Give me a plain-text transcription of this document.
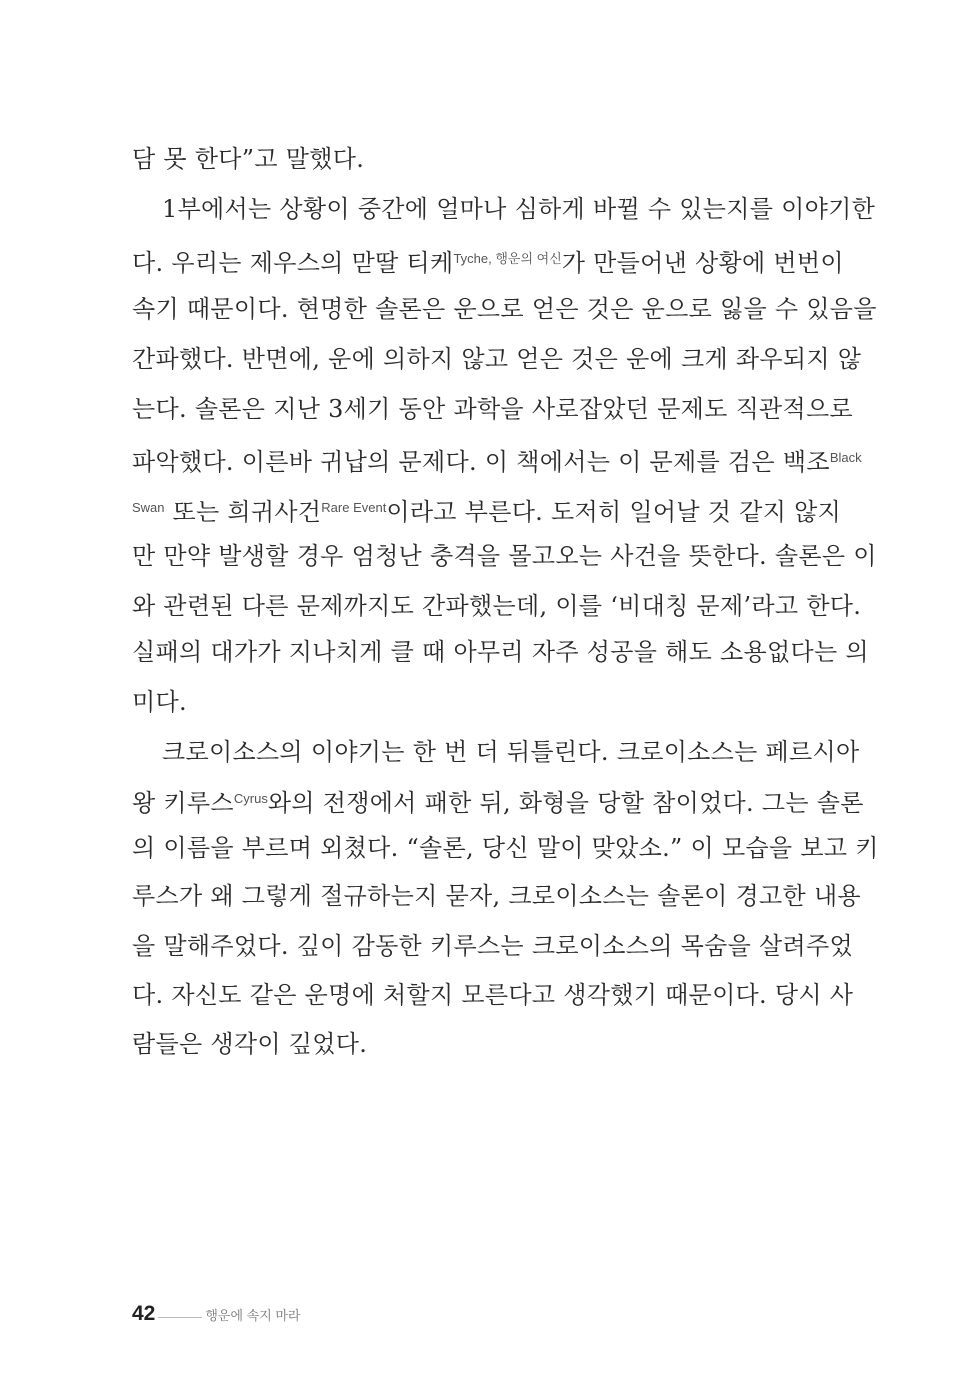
담 못 한다”고 말했다.
1부에서는 상황이 중간에 얼마나 심하게 바뀔 수 있는지를 이야기한
다. 우리는 제우스의 맏딸 티케$^{Tyche, 행운의 여신}$가 만들어낸 상황에 번번이
속기 때문이다. 현명한 솔론은 운으로 얻은 것은 운으로 잃을 수 있음을
간파했다. 반면에, 운에 의하지 않고 얻은 것은 운에 크게 좌우되지 않
는다. 솔론은 지난 3세기 동안 과학을 사로잡았던 문제도 직관적으로
파악했다. 이른바 귀납의 문제다. 이 책에서는 이 문제를 검은 백조$^{Black}$
$^{Swan}$ 또는 희귀사건$^{Rare Event}$이라고 부른다. 도저히 일어날 것 같지 않지
만 만약 발생할 경우 엄청난 충격을 몰고오는 사건을 뜻한다. 솔론은 이
와 관련된 다른 문제까지도 간파했는데, 이를 ‘비대칭 문제’라고 한다.
실패의 대가가 지나치게 클 때 아무리 자주 성공을 해도 소용없다는 의
미다.
크로이소스의 이야기는 한 번 더 뒤틀린다. 크로이소스는 페르시아
왕 키루스$^{Cyrus}$와의 전쟁에서 패한 뒤, 화형을 당할 참이었다. 그는 솔론
의 이름을 부르며 외쳤다. “솔론, 당신 말이 맞았소.” 이 모습을 보고 키
루스가 왜 그렇게 절규하는지 묻자, 크로이소스는 솔론이 경고한 내용
을 말해주었다. 깊이 감동한 키루스는 크로이소스의 목숨을 살려주었
다. 자신도 같은 운명에 처할지 모른다고 생각했기 때문이다. 당시 사
람들은 생각이 깊었다.
42	행운에 속지 마라
